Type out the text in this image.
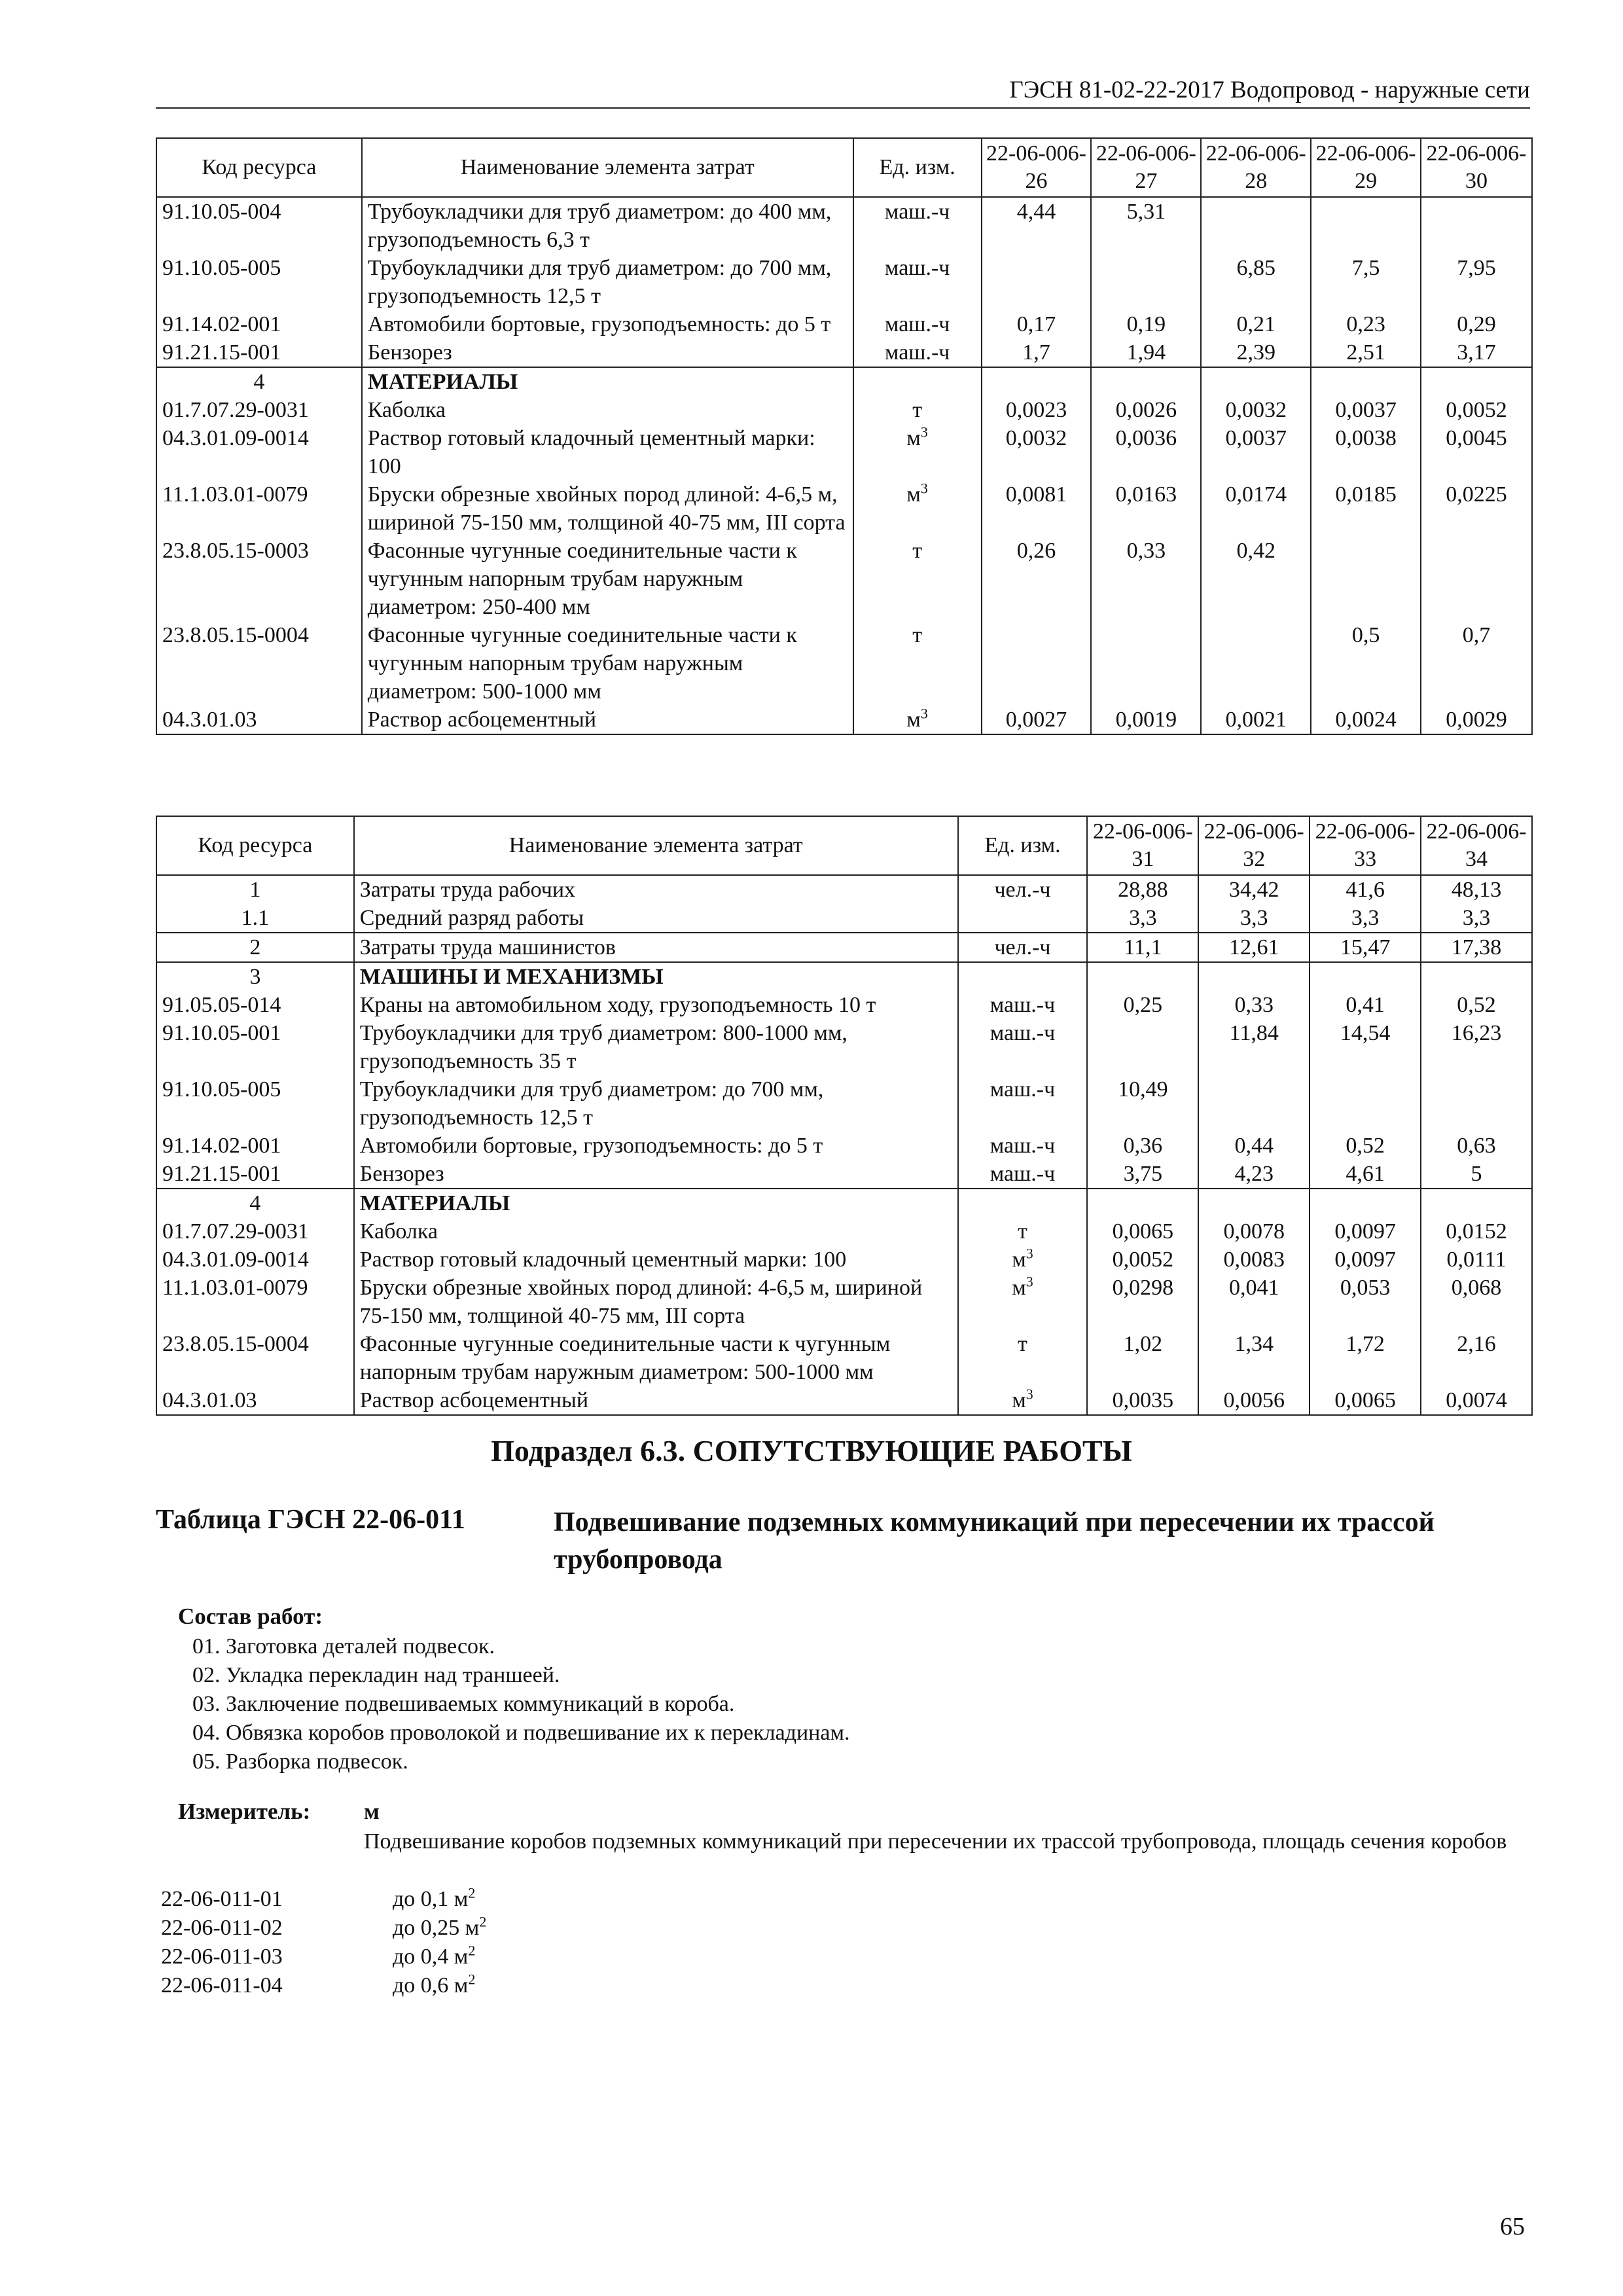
ГЭСН 81-02-22-2017 Водопровод - наружные сети
Код ресурса	Наименование элемента затрат	Ед. изм.	22-06-006-26	22-06-006-27	22-06-006-28	22-06-006-29	22-06-006-30
91.10.05-004	Трубоукладчики для труб диаметром: до 400 мм, грузоподъемность 6,3 т	маш.-ч	4,44	5,31			
91.10.05-005	Трубоукладчики для труб диаметром: до 700 мм, грузоподъемность 12,5 т	маш.-ч			6,85	7,5	7,95
91.14.02-001	Автомобили бортовые, грузоподъемность: до 5 т	маш.-ч	0,17	0,19	0,21	0,23	0,29
91.21.15-001	Бензорез	маш.-ч	1,7	1,94	2,39	2,51	3,17
4	МАТЕРИАЛЫ						
01.7.07.29-0031	Каболка	т	0,0023	0,0026	0,0032	0,0037	0,0052
04.3.01.09-0014	Раствор готовый кладочный цементный марки: 100	$м^3$	0,0032	0,0036	0,0037	0,0038	0,0045
11.1.03.01-0079	Бруски обрезные хвойных пород длиной: 4-6,5 м, шириной 75-150 мм, толщиной 40-75 мм, III сорта	$м^3$	0,0081	0,0163	0,0174	0,0185	0,0225
23.8.05.15-0003	Фасонные чугунные соединительные части к чугунным напорным трубам наружным диаметром: 250-400 мм	т	0,26	0,33	0,42		
23.8.05.15-0004	Фасонные чугунные соединительные части к чугунным напорным трубам наружным диаметром: 500-1000 мм	т				0,5	0,7
04.3.01.03	Раствор асбоцементный	$м^3$	0,0027	0,0019	0,0021	0,0024	0,0029
Код ресурса	Наименование элемента затрат	Ед. изм.	22-06-006-31	22-06-006-32	22-06-006-33	22-06-006-34
1	Затраты труда рабочих	чел.-ч	28,88	34,42	41,6	48,13
1.1	Средний разряд работы		3,3	3,3	3,3	3,3
2	Затраты труда машинистов	чел.-ч	11,1	12,61	15,47	17,38
3	МАШИНЫ И МЕХАНИЗМЫ					
91.05.05-014	Краны на автомобильном ходу, грузоподъемность 10 т	маш.-ч	0,25	0,33	0,41	0,52
91.10.05-001	Трубоукладчики для труб диаметром: 800-1000 мм, грузоподъемность 35 т	маш.-ч		11,84	14,54	16,23
91.10.05-005	Трубоукладчики для труб диаметром: до 700 мм, грузоподъемность 12,5 т	маш.-ч	10,49			
91.14.02-001	Автомобили бортовые, грузоподъемность: до 5 т	маш.-ч	0,36	0,44	0,52	0,63
91.21.15-001	Бензорез	маш.-ч	3,75	4,23	4,61	5
4	МАТЕРИАЛЫ					
01.7.07.29-0031	Каболка	т	0,0065	0,0078	0,0097	0,0152
04.3.01.09-0014	Раствор готовый кладочный цементный марки: 100	$м^3$	0,0052	0,0083	0,0097	0,0111
11.1.03.01-0079	Бруски обрезные хвойных пород длиной: 4-6,5 м, шириной 75-150 мм, толщиной 40-75 мм, III сорта	$м^3$	0,0298	0,041	0,053	0,068
23.8.05.15-0004	Фасонные чугунные соединительные части к чугунным напорным трубам наружным диаметром: 500-1000 мм	т	1,02	1,34	1,72	2,16
04.3.01.03	Раствор асбоцементный	$м^3$	0,0035	0,0056	0,0065	0,0074
Подраздел 6.3. СОПУТСТВУЮЩИЕ РАБОТЫ
Таблица ГЭСН 22-06-011	Подвешивание подземных коммуникаций при пересечении их трассой трубопровода
Состав работ:
01. Заготовка деталей подвесок.
02. Укладка перекладин над траншеей.
03. Заключение подвешиваемых коммуникаций в короба.
04. Обвязка коробов проволокой и подвешивание их к перекладинам.
05. Разборка подвесок.
Измеритель: м
Подвешивание коробов подземных коммуникаций при пересечении их трассой трубопровода, площадь сечения коробов
22-06-011-01	до 0,1 $м^2$
22-06-011-02	до 0,25 $м^2$
22-06-011-03	до 0,4 $м^2$
22-06-011-04	до 0,6 $м^2$
65
